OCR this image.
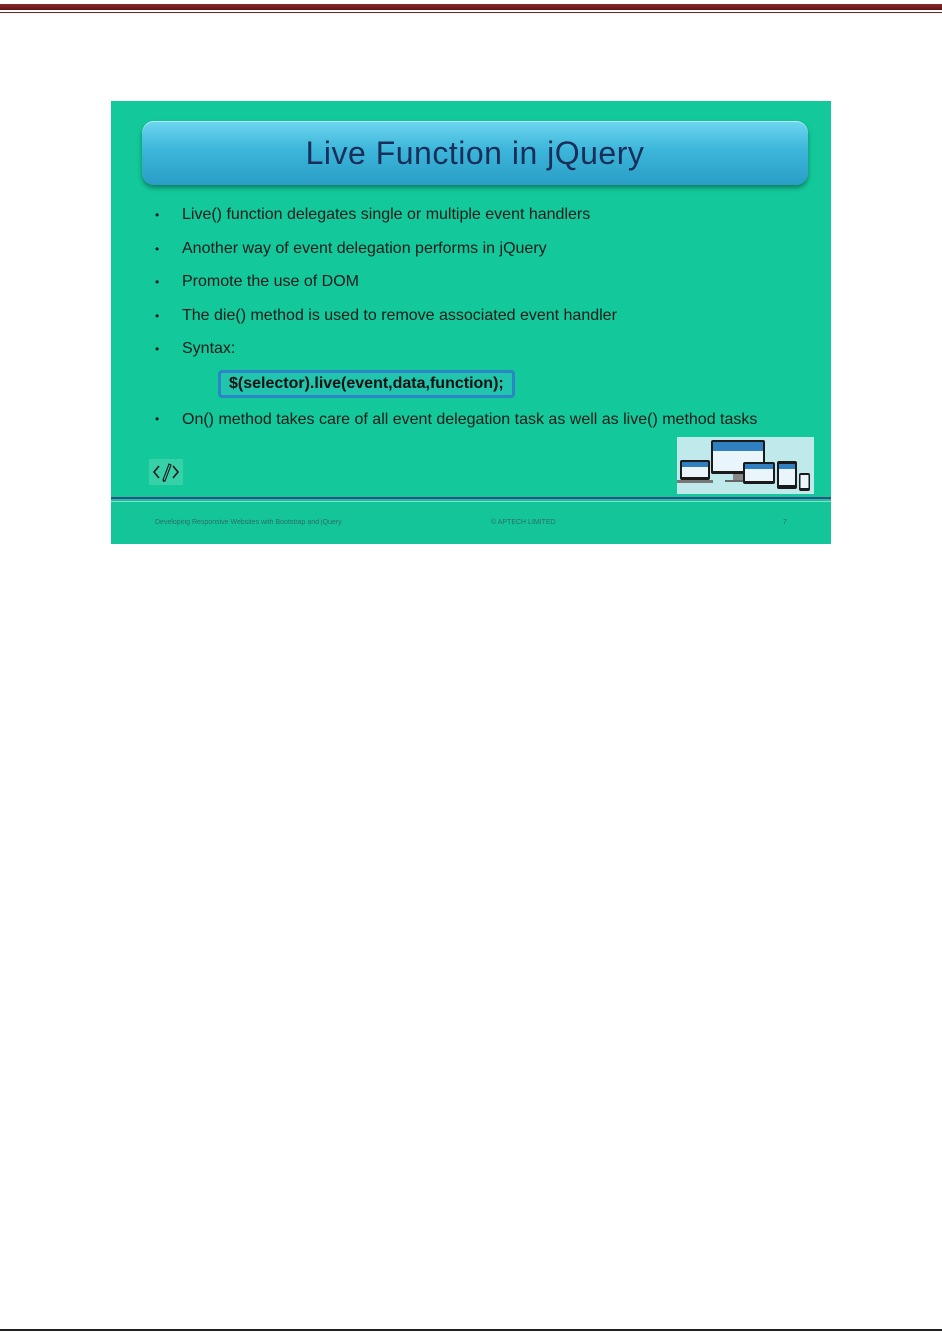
Live Function in jQuery
• Live() function delegates single or multiple event handlers
• Another way of event delegation performs in jQuery
• Promote the use of DOM
• The die() method is used to remove associated event handler
• Syntax:
$(selector).live(event,data,function);
• On() method takes care of all event delegation task as well as live() method tasks
Developing Responsive Websites with Bootstrap and jQuery	© APTECH LIMITED	7
